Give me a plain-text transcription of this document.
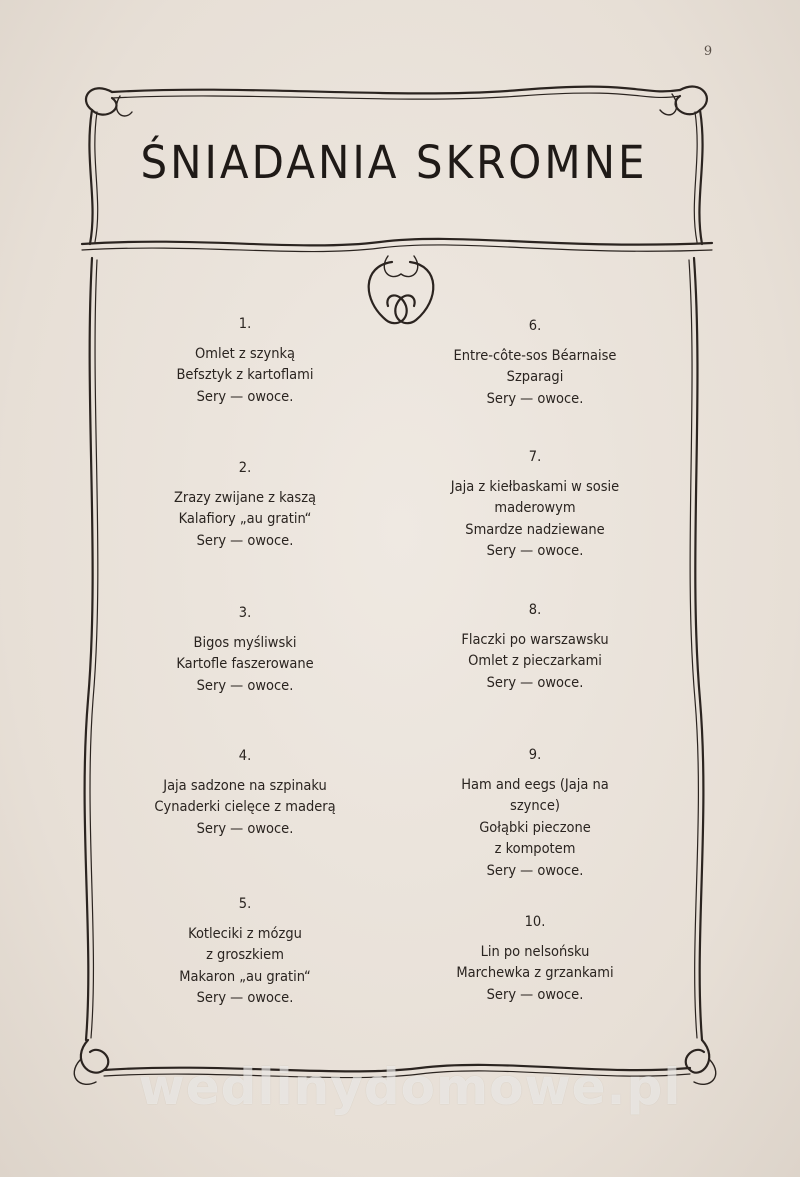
9
ŚNIADANIA SKROMNE
1.
Omlet z szynką
Befsztyk z kartoflami
Sery — owoce.
2.
Zrazy zwijane z kaszą
Kalafiory „au gratin“
Sery — owoce.
3.
Bigos myśliwski
Kartofle faszerowane
Sery — owoce.
4.
Jaja sadzone na szpinaku
Cynaderki cielęce z maderą
Sery — owoce.
5.
Kotleciki z mózgu
z groszkiem
Makaron „au gratin“
Sery — owoce.
6.
Entre-côte-sos Béarnaise
Szparagi
Sery — owoce.
7.
Jaja z kiełbaskami w sosie
maderowym
Smardze nadziewane
Sery — owoce.
8.
Flaczki po warszawsku
Omlet z pieczarkami
Sery — owoce.
9.
Ham and eegs (Jaja na
szynce)
Gołąbki pieczone
z kompotem
Sery — owoce.
10.
Lin po nelsońsku
Marchewka z grzankami
Sery — owoce.
wedlinydomowe.pl
